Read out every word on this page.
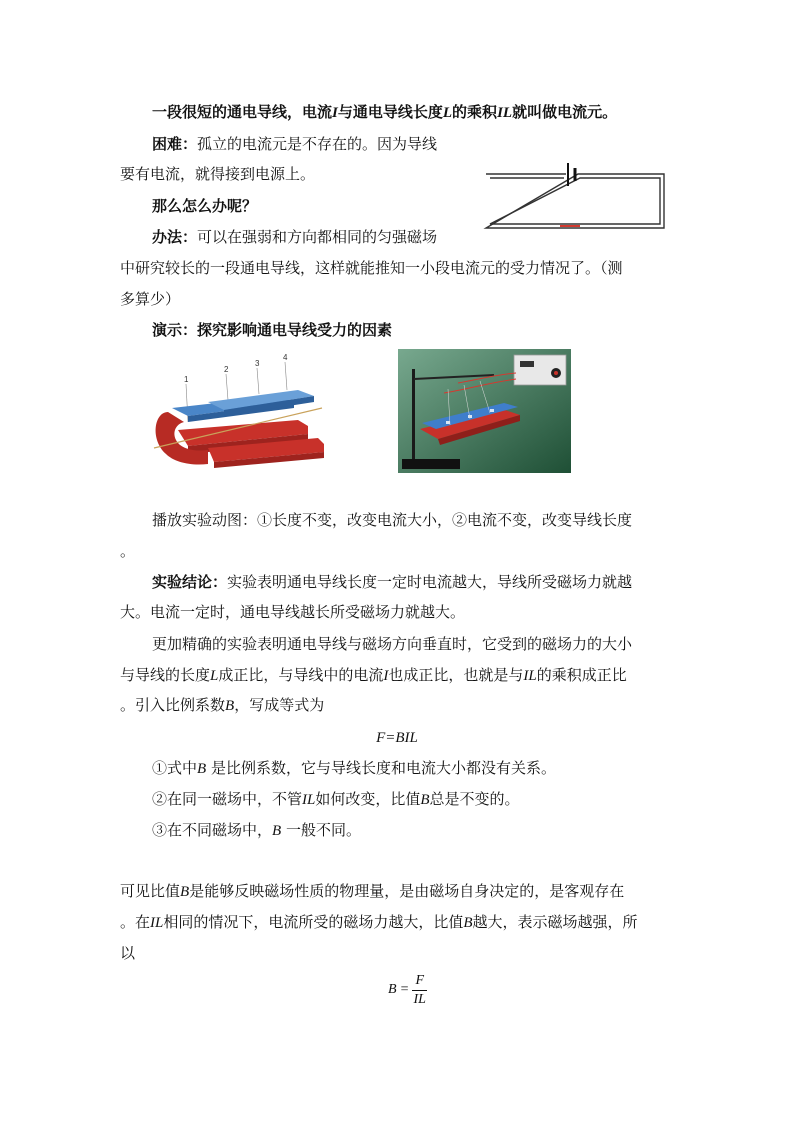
一段很短的通电导线，电流I与通电导线长度L的乘积IL就叫做电流元。
困难：孤立的电流元是不存在的。因为导线
要有电流，就得接到电源上。
那么怎么办呢？
办法：可以在强弱和方向都相同的匀强磁场
中研究较长的一段通电导线，这样就能推知一小段电流元的受力情况了。（测
多算少）
演示：探究影响通电导线受力的因素
1
2
3
4
播放实验动图：①长度不变，改变电流大小，②电流不变，改变导线长度
。
实验结论：实验表明通电导线长度一定时电流越大，导线所受磁场力就越
大。电流一定时，通电导线越长所受磁场力就越大。
更加精确的实验表明通电导线与磁场方向垂直时，它受到的磁场力的大小
与导线的长度L成正比，与导线中的电流I也成正比，也就是与IL的乘积成正比
。引入比例系数B，写成等式为
F=BIL
①式中B 是比例系数，它与导线长度和电流大小都没有关系。
②在同一磁场中，不管IL如何改变，比值B总是不变的。
③在不同磁场中，B 一般不同。
可见比值B是能够反映磁场性质的物理量，是由磁场自身决定的，是客观存在
。在IL相同的情况下，电流所受的磁场力越大，比值B越大，表示磁场越强，所
以
$B = \frac{F}{IL}$
